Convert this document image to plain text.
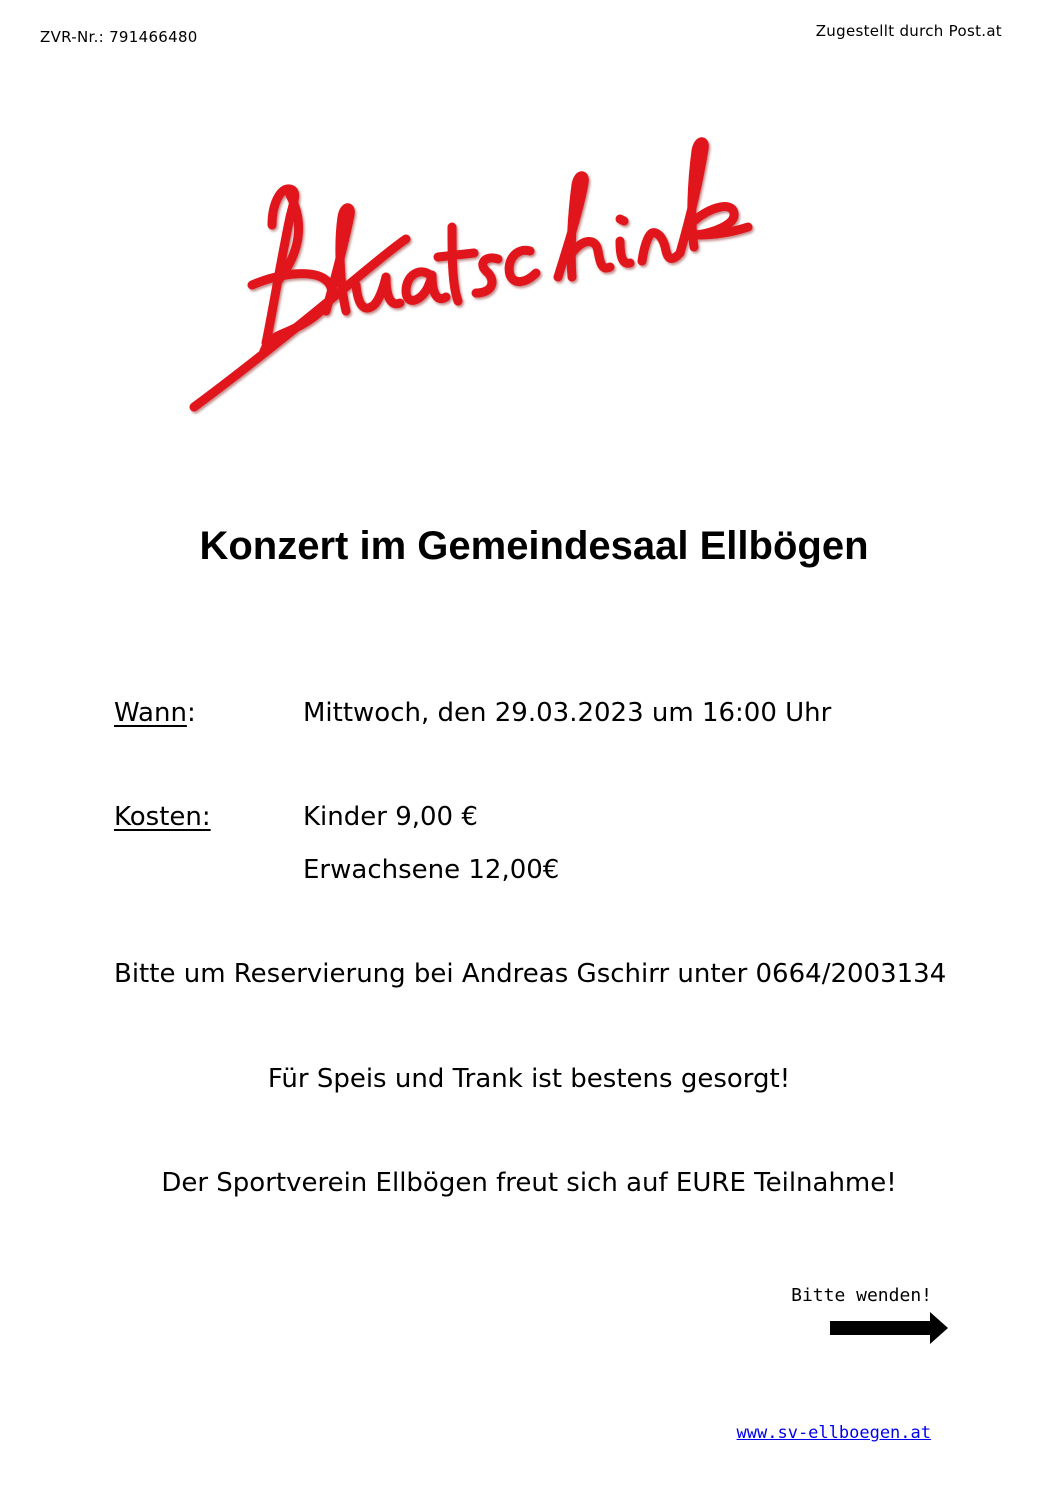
ZVR-Nr.: 791466480	Zugestellt durch Post.at
Konzert im Gemeindesaal Ellbögen
Wann:	Mittwoch, den 29.03.2023 um 16:00 Uhr
Kosten:	Kinder 9,00 €
Erwachsene 12,00€
Bitte um Reservierung bei Andreas Gschirr unter 0664/2003134
Für Speis und Trank ist bestens gesorgt!
Der Sportverein Ellbögen freut sich auf EURE Teilnahme!
Bitte wenden!
www.sv-ellboegen.at
